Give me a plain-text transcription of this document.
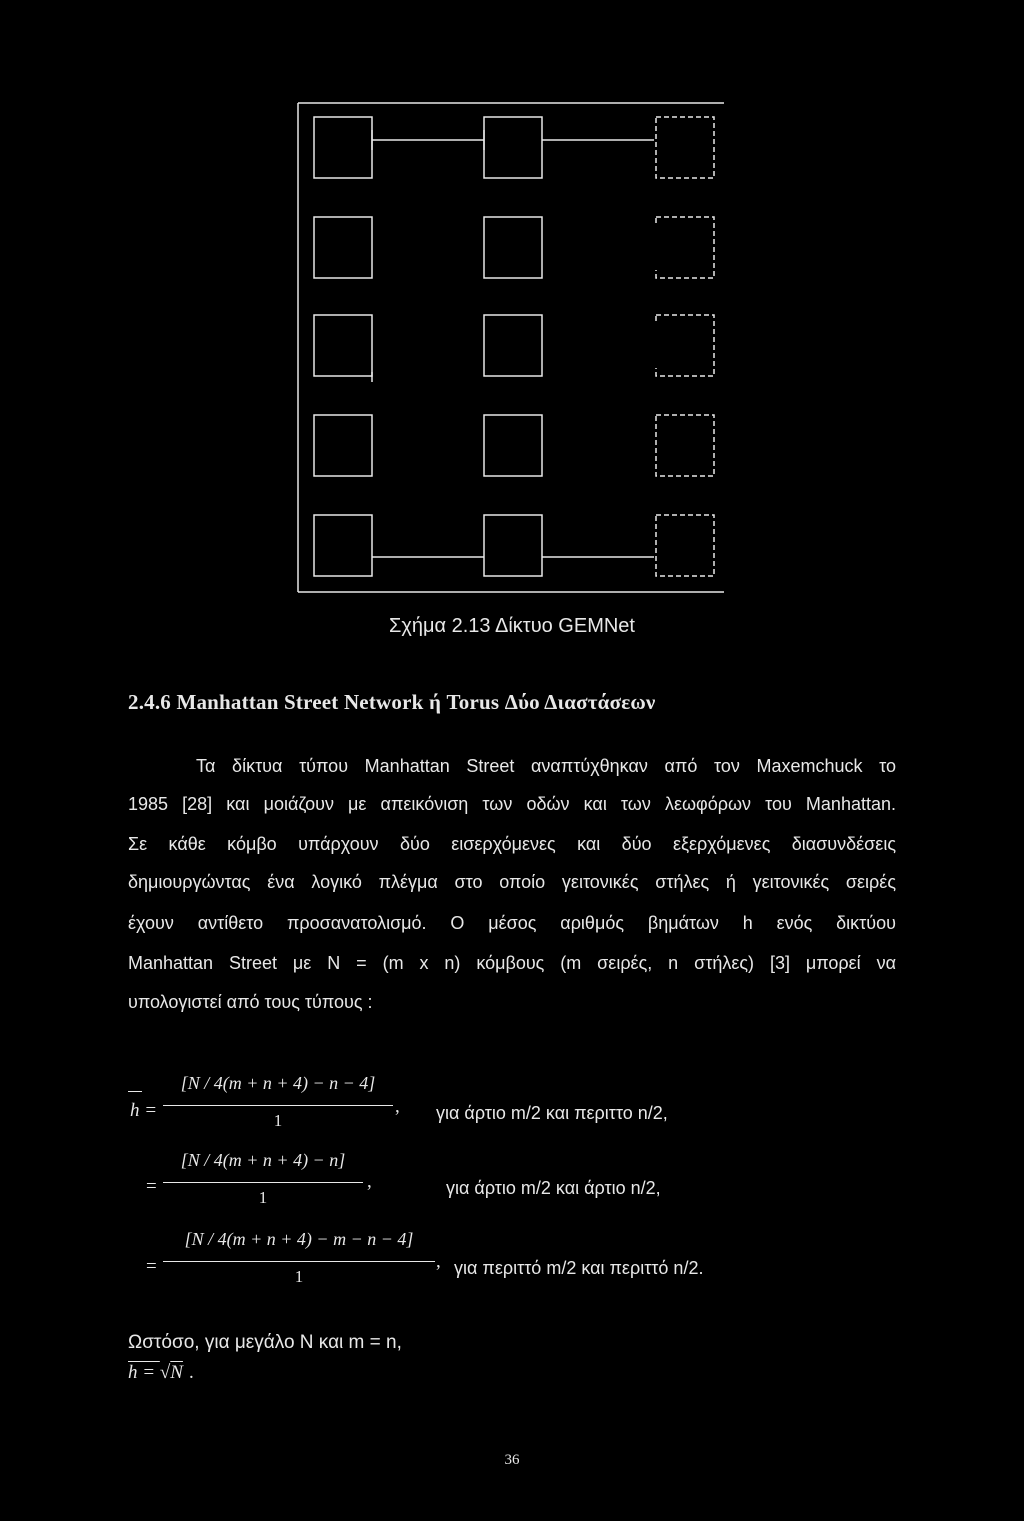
Σχήμα 2.13 Δίκτυο GEMNet
2.4.6 Manhattan Street Network ή Torus Δύο Διαστάσεων
Τα δίκτυα τύπου Manhattan Street αναπτύχθηκαν από τον Maxemchuck το
1985 [28] και μοιάζουν με απεικόνιση των οδών και των λεωφόρων του Manhattan.
Σε κάθε κόμβο υπάρχουν δύο εισερχόμενες και δύο εξερχόμενες διασυνδέσεις
δημιουργώντας ένα λογικό πλέγμα στο οποίο γειτονικές στήλες ή γειτονικές σειρές
έχουν αντίθετο προσανατολισμό. Ο μέσος αριθμός βημάτων h ενός δικτύου
Manhattan Street με N = (m x n) κόμβους (m σειρές, n στήλες) [3] μπορεί να
υπολογιστεί από τους τύπους :
h =
[N / 4(m + n + 4) − n − 4]
1
, για άρτιο m/2 και περιττο n/2,
=
[N / 4(m + n + 4) − n]
1
,	για άρτιο m/2 και άρτιο n/2,
=
[N / 4(m + n + 4) − m − n − 4]
1
, για περιττό m/2 και περιττό n/2.
Ωστόσο, για μεγάλο N και m = n,
h = √N .
36
